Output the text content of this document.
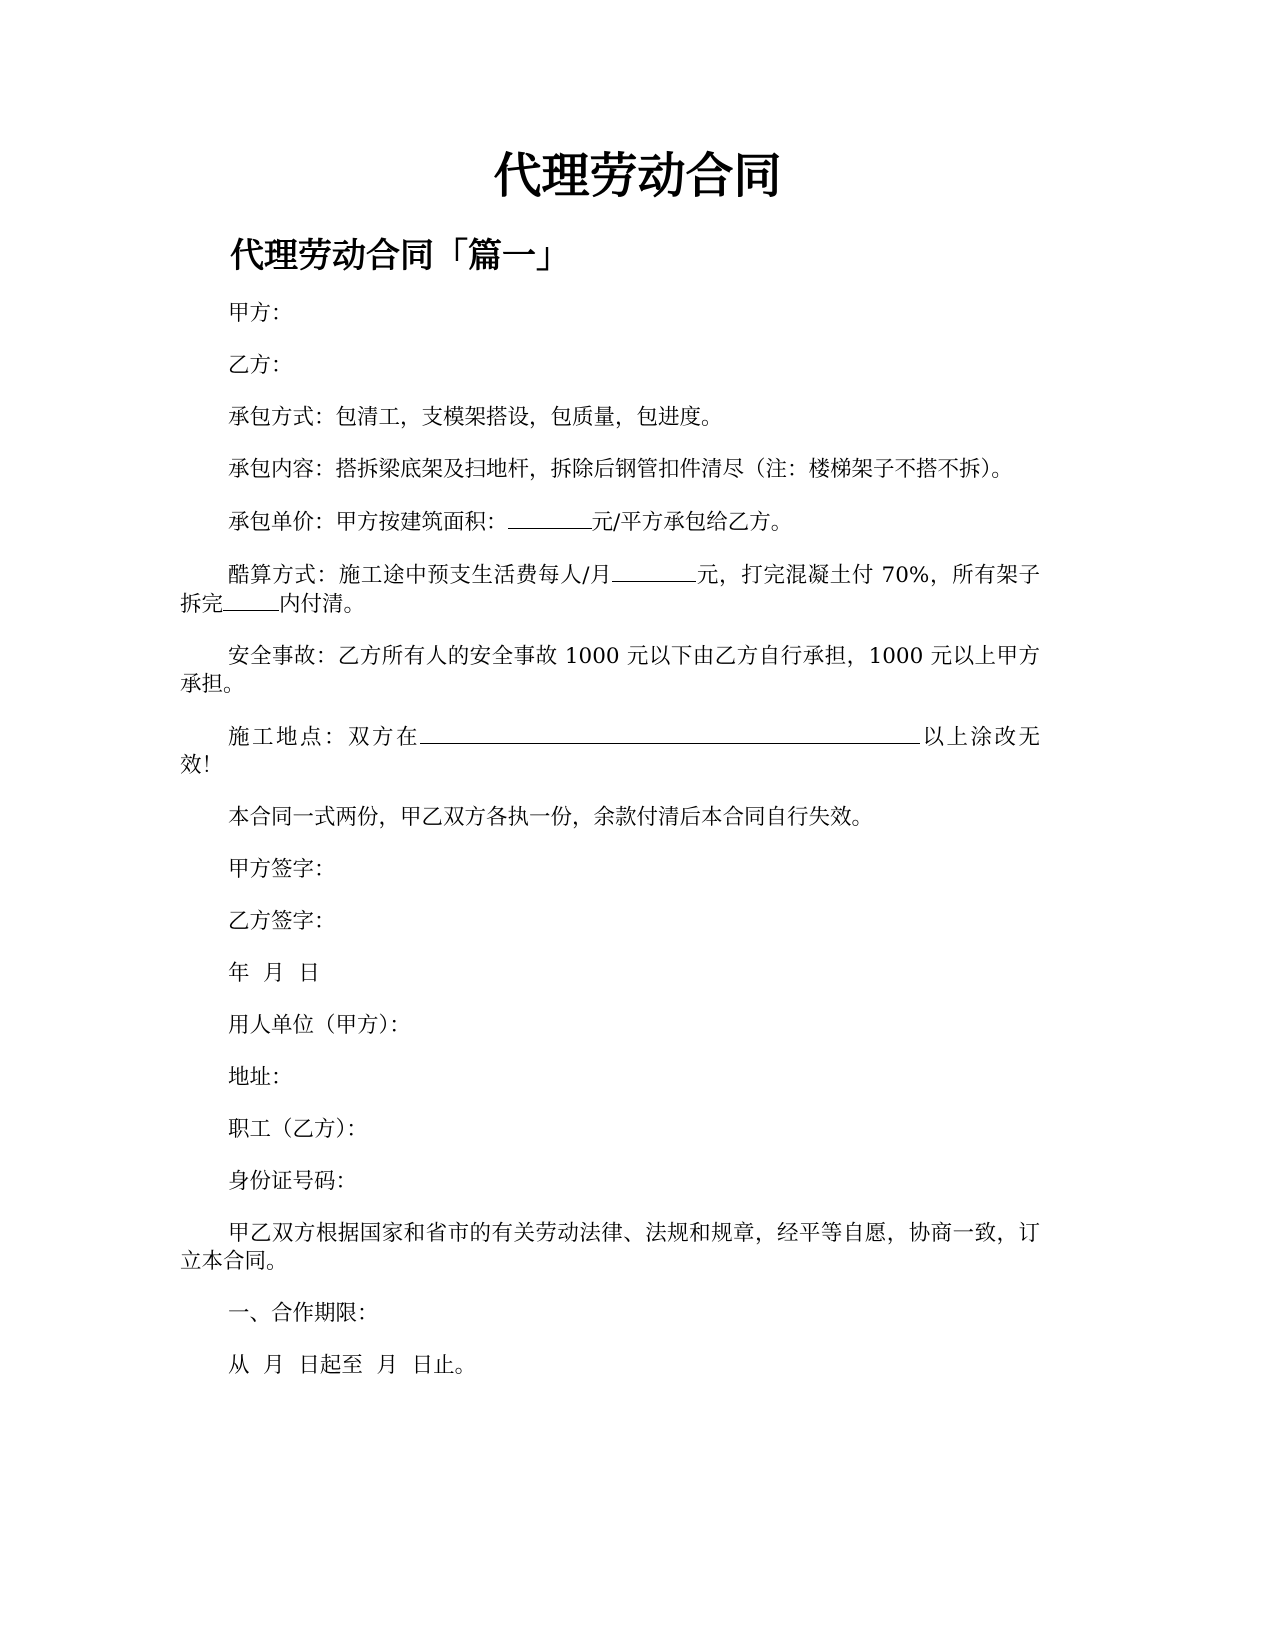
代理劳动合同
代理劳动合同「篇一」

甲方：

乙方：

承包方式：包清工，支模架搭设，包质量，包进度。

承包内容：搭拆梁底架及扫地杆，拆除后钢管扣件清尽（注：楼梯架子不搭不拆）。

承包单价：甲方按建筑面积：	元/平方承包给乙方。

酷算方式：施工途中预支生活费每人/月	元，打完混凝土付 70%，所有架子拆完	内付清。

安全事故：乙方所有人的安全事故 1000 元以下由乙方自行承担，1000 元以上甲方承担。

施工地点：双方在	以上涂改无效！

本合同一式两份，甲乙双方各执一份，余款付清后本合同自行失效。

甲方签字：

乙方签字：

年  月  日

用人单位（甲方）：

地址：

职工（乙方）：

身份证号码：

甲乙双方根据国家和省市的有关劳动法律、法规和规章，经平等自愿，协商一致，订立本合同。

一、合作期限：

从  月  日起至  月  日止。
